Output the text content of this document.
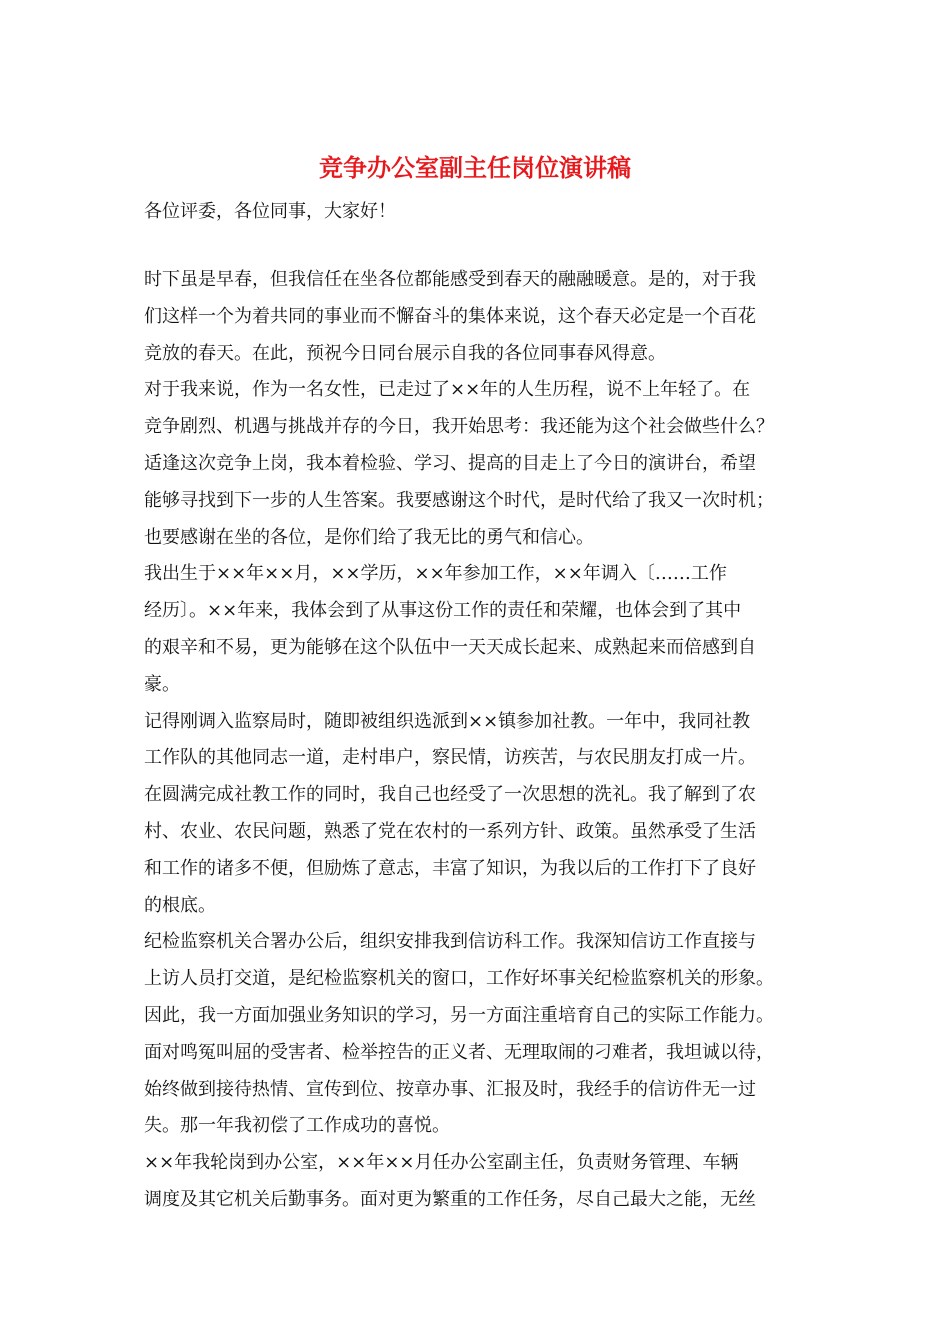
竞争办公室副主任岗位演讲稿

各位评委，各位同事，大家好！

时下虽是早春，但我信任在坐各位都能感受到春天的融融暖意。是的，对于我
们这样一个为着共同的事业而不懈奋斗的集体来说，这个春天必定是一个百花
竞放的春天。在此，预祝今日同台展示自我的各位同事春风得意。

对于我来说，作为一名女性，已走过了××年的人生历程，说不上年轻了。在
竞争剧烈、机遇与挑战并存的今日，我开始思考：我还能为这个社会做些什么？
适逢这次竞争上岗，我本着检验、学习、提高的目走上了今日的演讲台，希望
能够寻找到下一步的人生答案。我要感谢这个时代，是时代给了我又一次时机；
也要感谢在坐的各位，是你们给了我无比的勇气和信心。

我出生于××年××月，××学历，××年参加工作，××年调入〔……工作
经历〕。××年来，我体会到了从事这份工作的责任和荣耀，也体会到了其中
的艰辛和不易，更为能够在这个队伍中一天天成长起来、成熟起来而倍感到自
豪。

记得刚调入监察局时，随即被组织选派到××镇参加社教。一年中，我同社教
工作队的其他同志一道，走村串户，察民情，访疾苦，与农民朋友打成一片。
在圆满完成社教工作的同时，我自己也经受了一次思想的洗礼。我了解到了农
村、农业、农民问题，熟悉了党在农村的一系列方针、政策。虽然承受了生活
和工作的诸多不便，但励炼了意志，丰富了知识，为我以后的工作打下了良好
的根底。

纪检监察机关合署办公后，组织安排我到信访科工作。我深知信访工作直接与
上访人员打交道，是纪检监察机关的窗口，工作好坏事关纪检监察机关的形象。
因此，我一方面加强业务知识的学习，另一方面注重培育自己的实际工作能力。
面对鸣冤叫屈的受害者、检举控告的正义者、无理取闹的刁难者，我坦诚以待，
始终做到接待热情、宣传到位、按章办事、汇报及时，我经手的信访件无一过
失。那一年我初偿了工作成功的喜悦。

××年我轮岗到办公室，××年××月任办公室副主任，负责财务管理、车辆
调度及其它机关后勤事务。面对更为繁重的工作任务，尽自己最大之能，无丝
